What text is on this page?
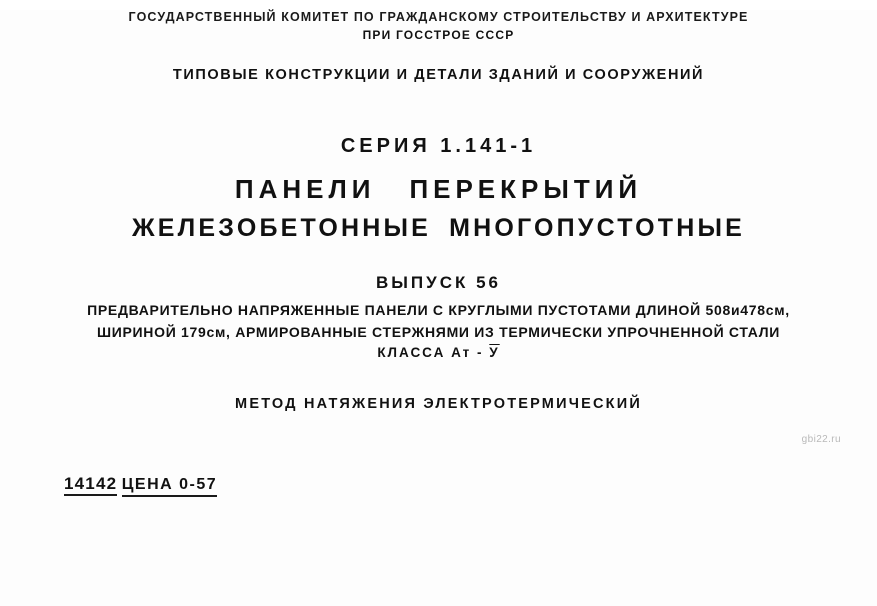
ГОСУДАРСТВЕННЫЙ КОМИТЕТ ПО ГРАЖДАНСКОМУ СТРОИТЕЛЬСТВУ И АРХИТЕКТУРЕ
ПРИ ГОССТРОЕ СССР
ТИПОВЫЕ КОНСТРУКЦИИ И ДЕТАЛИ ЗДАНИЙ И СООРУЖЕНИЙ
СЕРИЯ 1.141-1
ПАНЕЛИ ПЕРЕКРЫТИЙ
ЖЕЛЕЗОБЕТОННЫЕ МНОГОПУСТОТНЫЕ
ВЫПУСК 56
ПРЕДВАРИТЕЛЬНО НАПРЯЖЕННЫЕ ПАНЕЛИ С КРУГЛЫМИ ПУСТОТАМИ ДЛИНОЙ 508и478см,
ШИРИНОЙ 179см, АРМИРОВАННЫЕ СТЕРЖНЯМИ ИЗ ТЕРМИЧЕСКИ УПРОЧНЕННОЙ СТАЛИ
КЛАССА Ат - У
МЕТОД НАТЯЖЕНИЯ ЭЛЕКТРОТЕРМИЧЕСКИЙ
gbi22.ru
14142 ЦЕНА 0-57
